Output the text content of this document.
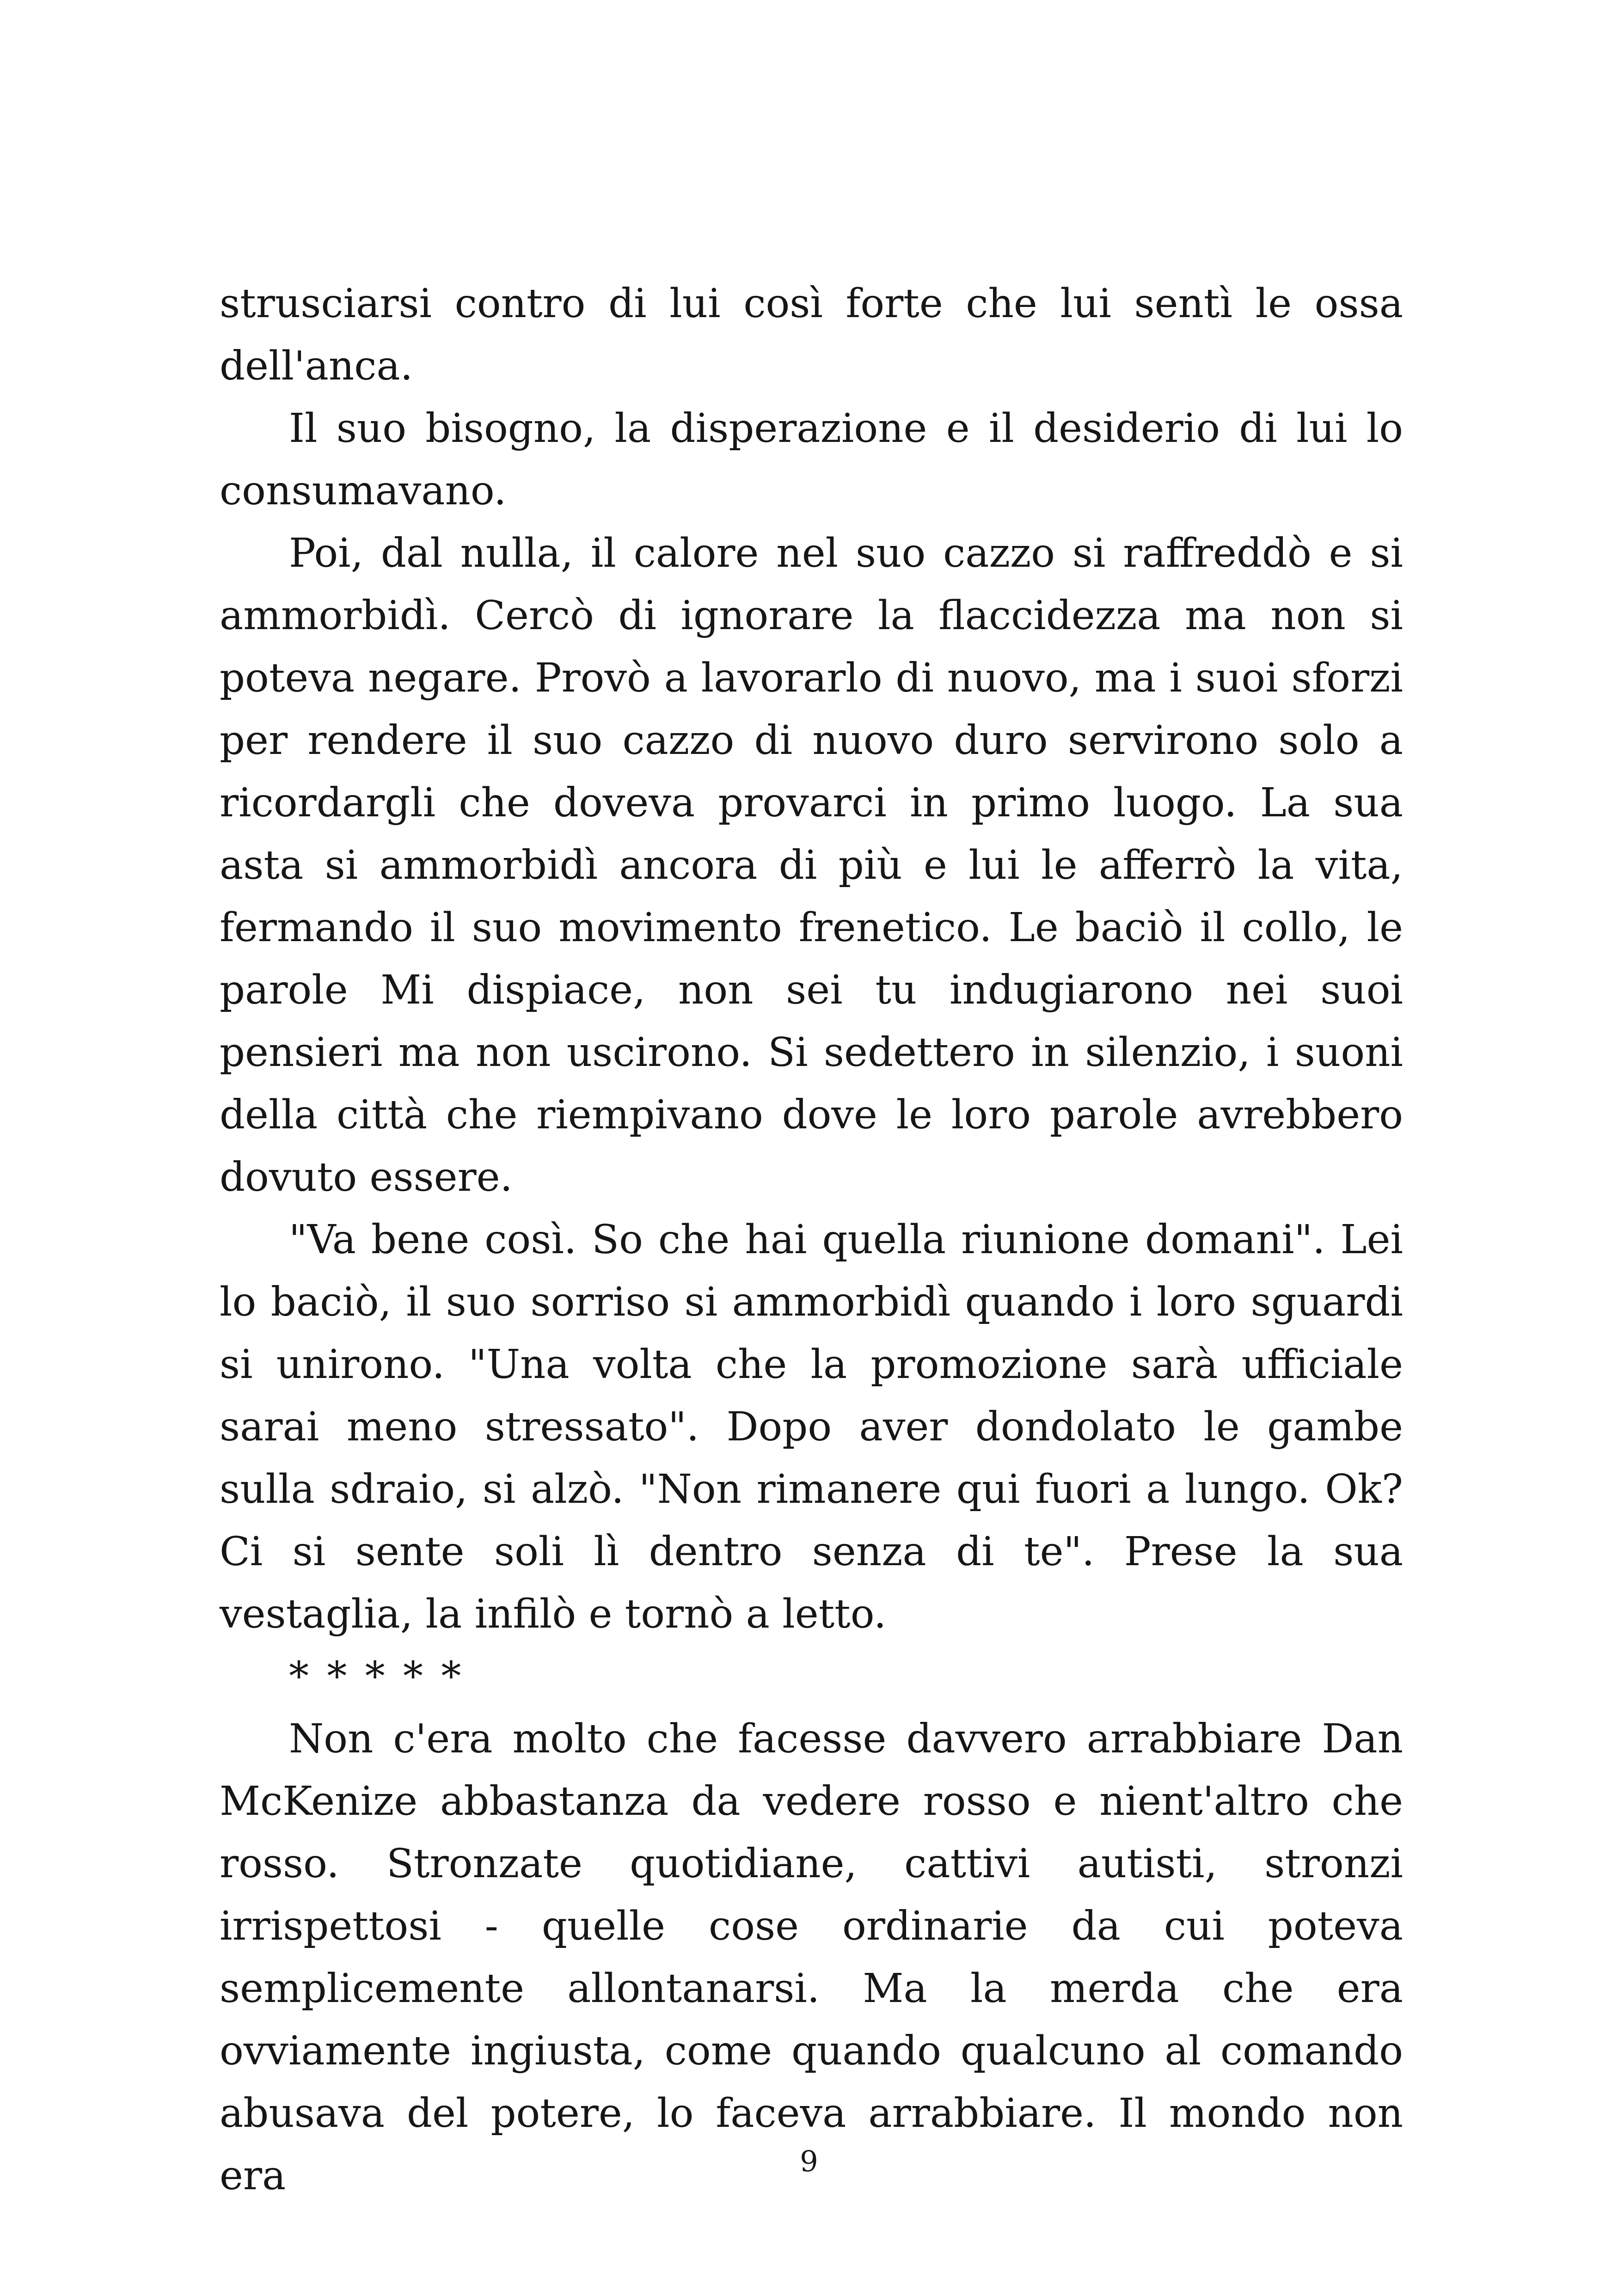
strusciarsi contro di lui così forte che lui sentì le ossa dell'anca.

Il suo bisogno, la disperazione e il desiderio di lui lo consumavano.

Poi, dal nulla, il calore nel suo cazzo si raffreddò e si ammorbidì. Cercò di ignorare la flaccidezza ma non si poteva negare. Provò a lavorarlo di nuovo, ma i suoi sforzi per rendere il suo cazzo di nuovo duro servirono solo a ricordargli che doveva provarci in primo luogo. La sua asta si ammorbidì ancora di più e lui le afferrò la vita, fermando il suo movimento frenetico. Le baciò il collo, le parole Mi dispiace, non sei tu indugiarono nei suoi pensieri ma non uscirono. Si sedettero in silenzio, i suoni della città che riempivano dove le loro parole avrebbero dovuto essere.

"Va bene così. So che hai quella riunione domani". Lei lo baciò, il suo sorriso si ammorbidì quando i loro sguardi si unirono. "Una volta che la promozione sarà ufficiale sarai meno stressato". Dopo aver dondolato le gambe sulla sdraio, si alzò. "Non rimanere qui fuori a lungo. Ok? Ci si sente soli lì dentro senza di te". Prese la sua vestaglia, la infilò e tornò a letto.

* * * * *

Non c'era molto che facesse davvero arrabbiare Dan McKenize abbastanza da vedere rosso e nient'altro che rosso. Stronzate quotidiane, cattivi autisti, stronzi irrispettosi - quelle cose ordinarie da cui poteva semplicemente allontanarsi. Ma la merda che era ovviamente ingiusta, come quando qualcuno al comando abusava del potere, lo faceva arrabbiare. Il mondo non era	9
